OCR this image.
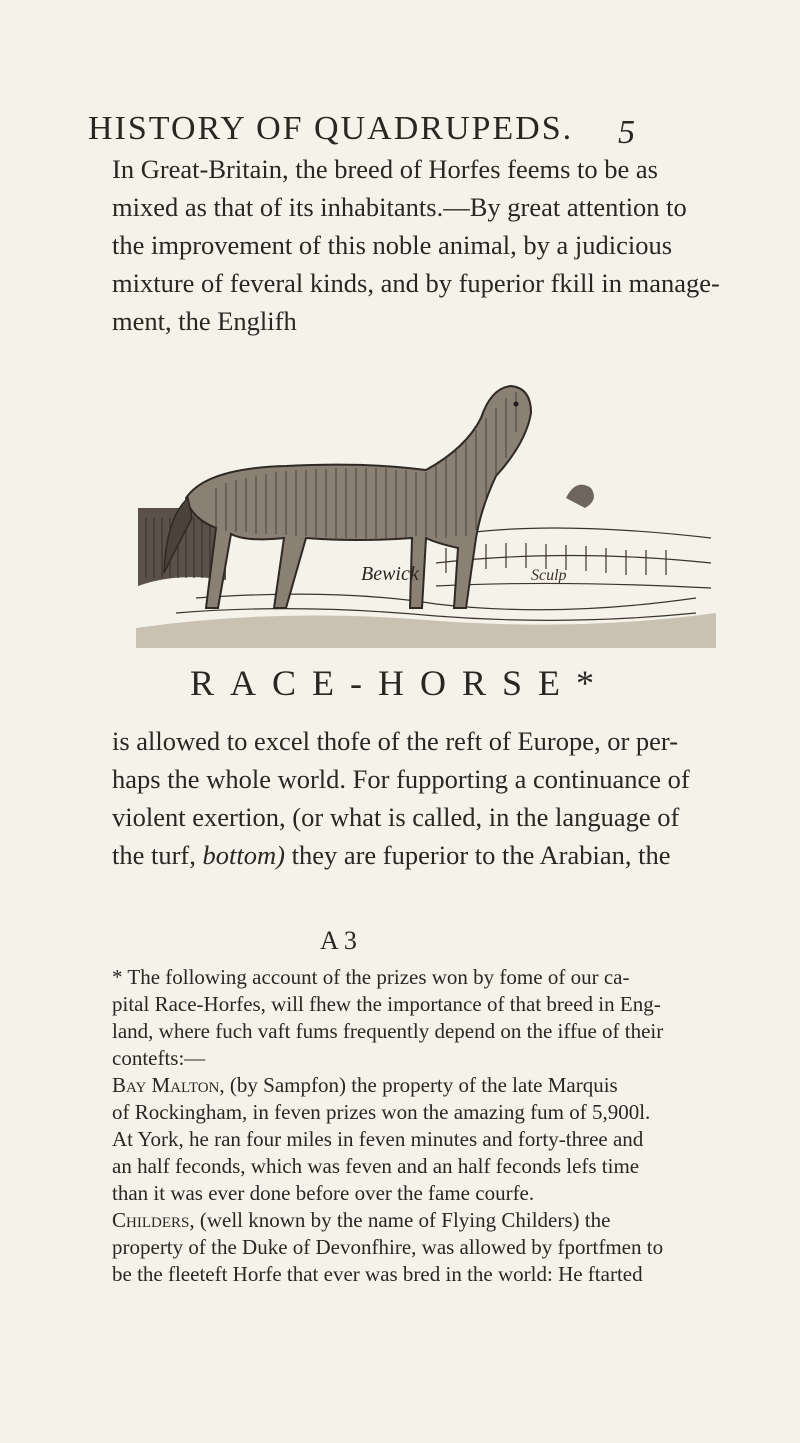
HISTORY OF QUADRUPEDS.	5
In Great-Britain, the breed of Horfes feems to be as
mixed as that of its inhabitants.—By great attention to
the improvement of this noble animal, by a judicious
mixture of feveral kinds, and by fuperior fkill in manage-
ment, the Englifh
Bewick	Sculp
RACE-HORSE*
is allowed to excel thofe of the reft of Europe, or per-
haps the whole world. For fupporting a continuance of
violent exertion, (or what is called, in the language of
the turf, bottom) they are fuperior to the Arabian, the
A 3
* The following account of the prizes won by fome of our ca-
pital Race-Horfes, will fhew the importance of that breed in Eng-
land, where fuch vaft fums frequently depend on the iffue of their
contefts:—
Bay Malton, (by Sampfon) the property of the late Marquis
of Rockingham, in feven prizes won the amazing fum of 5,900l.
At York, he ran four miles in feven minutes and forty-three and
an half feconds, which was feven and an half feconds lefs time
than it was ever done before over the fame courfe.
Childers, (well known by the name of Flying Childers) the
property of the Duke of Devonfhire, was allowed by fportfmen to
be the fleeteft Horfe that ever was bred in the world: He ftarted
